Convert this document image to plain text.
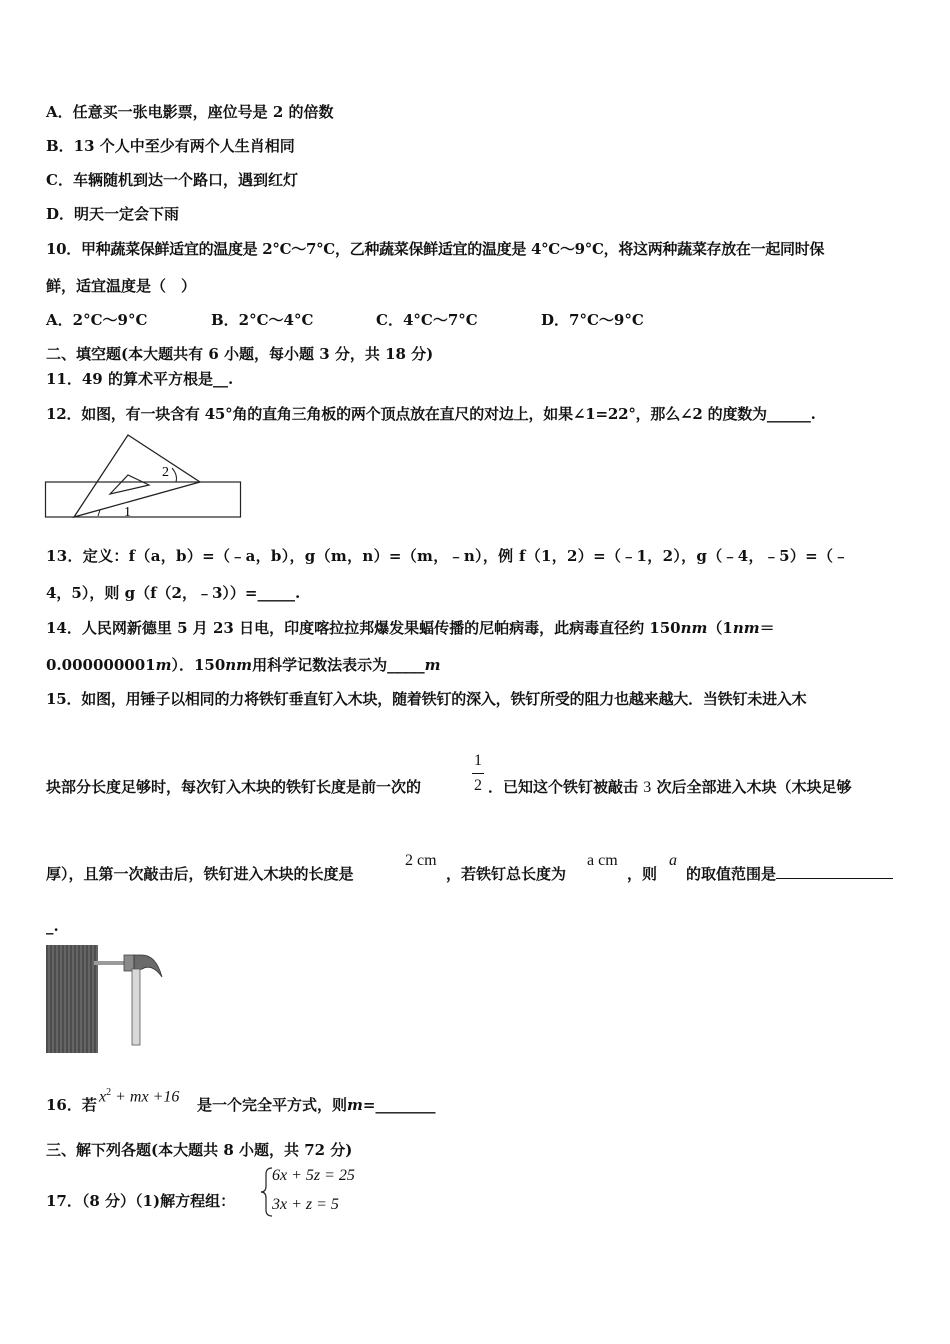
A．任意买一张电影票，座位号是 2 的倍数
B．13 个人中至少有两个人生肖相同
C．车辆随机到达一个路口，遇到红灯
D．明天一定会下雨
10．甲种蔬菜保鲜适宜的温度是 2°C～7°C，乙种蔬菜保鲜适宜的温度是 4°C～9°C，将这两种蔬菜存放在一起同时保
鲜，适宜温度是（　）
A．2°C～9°C	B．2°C～4°C	C．4°C～7°C	D．7°C～9°C
二、填空题(本大题共有 6 小题，每小题 3 分，共 18 分)
11．49 的算术平方根是__.
12．如图，有一块含有 45°角的直角三角板的两个顶点放在直尺的对边上，如果∠1=22°，那么∠2 的度数为______.
1
2
13．定义：f（a，b）=（﹣a，b），g（m，n）=（m，﹣n），例 f（1，2）=（﹣1，2），g（﹣4，﹣5）=（﹣
4，5），则 g（f（2，﹣3））=_____.
14．人民网新德里 5 月 23 日电，印度喀拉拉邦爆发果蝠传播的尼帕病毒，此病毒直径约 150nm（1nm＝
0.000000001m）．150nm用科学记数法表示为_____m
15．如图，用锤子以相同的力将铁钉垂直钉入木块，随着铁钉的深入，铁钉所受的阻力也越来越大．当铁钉未进入木
块部分长度足够时，每次钉入木块的铁钉长度是前一次的
1
2 ．已知这个铁钉被敲击 3 次后全部进入木块（木块足够
厚），且第一次敲击后，铁钉进入木块的长度是
2 cm
，若铁钉总长度为
a cm
，则
a
的取值范围是
_.
16．若 $x^2$ + mx +16 是一个完全平方式，则m=________
三、解下列各题(本大题共 8 小题，共 72 分)
17．（8 分）（1)解方程组：
6x + 5z = 25
3x + z = 5
